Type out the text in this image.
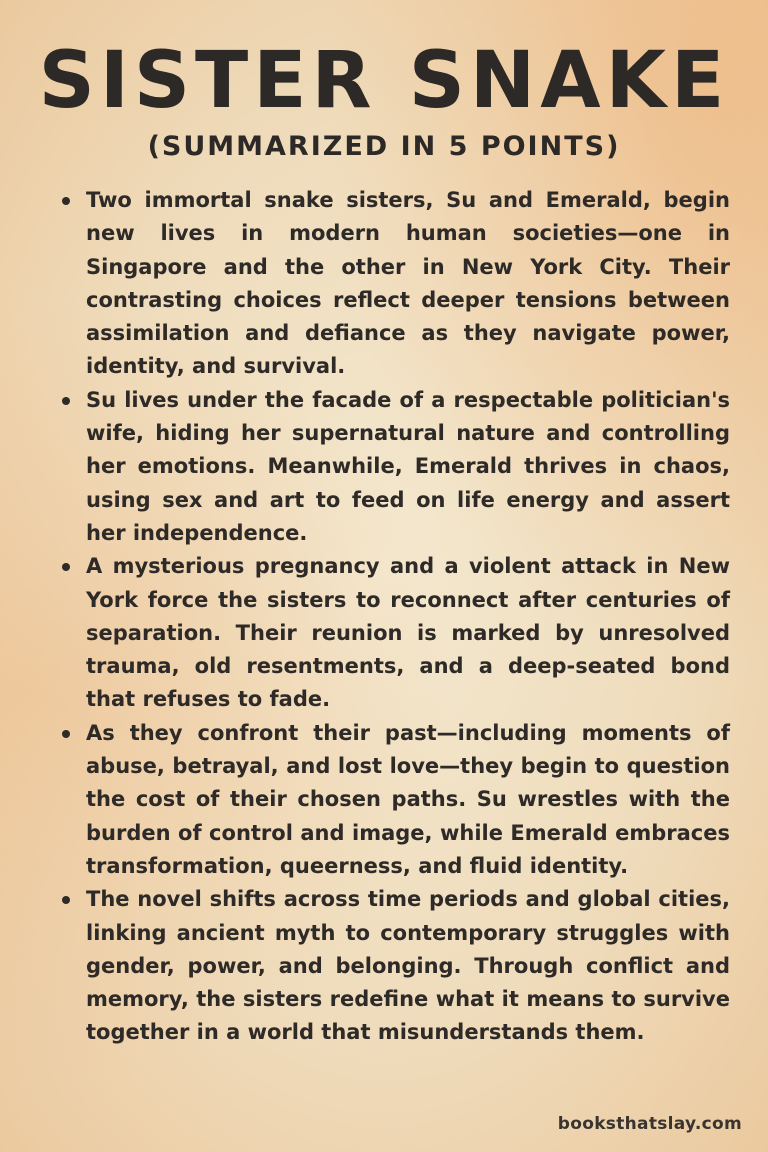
SISTER SNAKE
(SUMMARIZED IN 5 POINTS)
Two immortal snake sisters, Su and Emerald, begin new lives in modern human societies—one in Singapore and the other in New York City. Their contrasting choices reflect deeper tensions between assimilation and defiance as they navigate power, identity, and survival.
Su lives under the facade of a respectable politician's wife, hiding her supernatural nature and controlling her emotions. Meanwhile, Emerald thrives in chaos, using sex and art to feed on life energy and assert her independence.
A mysterious pregnancy and a violent attack in New York force the sisters to reconnect after centuries of separation. Their reunion is marked by unresolved trauma, old resentments, and a deep-seated bond that refuses to fade.
As they confront their past—including moments of abuse, betrayal, and lost love—they begin to question the cost of their chosen paths. Su wrestles with the burden of control and image, while Emerald embraces transformation, queerness, and fluid identity.
The novel shifts across time periods and global cities, linking ancient myth to contemporary struggles with gender, power, and belonging. Through conflict and memory, the sisters redefine what it means to survive together in a world that misunderstands them.
booksthatslay.com
